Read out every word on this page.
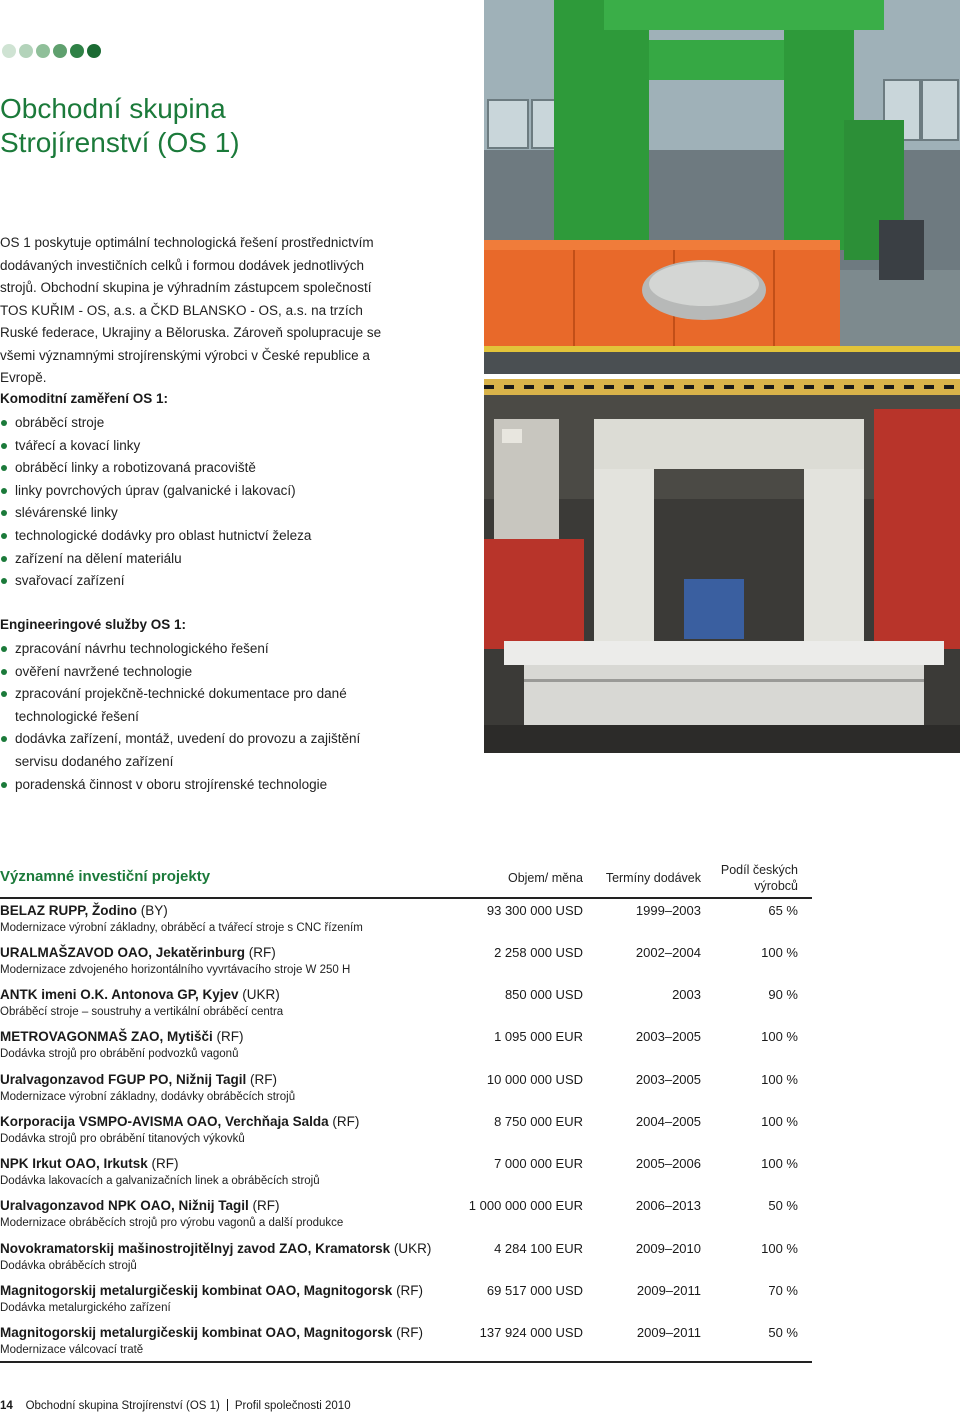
Obchodní skupina
Strojírenství (OS 1)

OS 1 poskytuje optimální technologická řešení prostřednictvím dodávaných investičních celků i formou dodávek jednotlivých strojů. Obchodní skupina je výhradním zástupcem společností TOS KUŘIM - OS, a.s. a ČKD BLANSKO - OS, a.s. na trzích Ruské federace, Ukrajiny a Běloruska. Zároveň spolupracuje se všemi významnými strojírenskými výrobci v České republice a Evropě.

Komoditní zaměření OS 1:
obráběcí stroje
tvářecí a kovací linky
obráběcí linky a robotizovaná pracoviště
linky povrchových úprav (galvanické i lakovací)
slévárenské linky
technologické dodávky pro oblast hutnictví železa
zařízení na dělení materiálu
svařovací zařízení
Engineeringové služby OS 1:
zpracování návrhu technologického řešení
ověření navržené technologie
zpracování projekčně-technické dokumentace pro dané technologické řešení
dodávka zařízení, montáž, uvedení do provozu a zajištění servisu dodaného zařízení
poradenská činnost v oboru strojírenské technologie
Významné investiční projekty	Objem/ měna	Termíny dodávek
Podíl českých
výrobců
BELAZ RUPP, Žodino (BY)
Modernizace výrobní základny, obráběcí a tvářecí stroje s CNC řízením
93 300 000 USD	1999–2003	65 %
URALMAŠZAVOD OAO, Jekatěrinburg (RF)
Modernizace zdvojeného horizontálního vyvrtávacího stroje W 250 H
2 258 000 USD	2002–2004	100 %
ANTK imeni O.K. Antonova GP, Kyjev (UKR)
Obráběcí stroje – soustruhy a vertikální obráběcí centra
850 000 USD	2003	90 %
METROVAGONMAŠ ZAO, Mytišči (RF)
Dodávka strojů pro obrábění podvozků vagonů
1 095 000 EUR	2003–2005	100 %
Uralvagonzavod FGUP PO, Nižnij Tagil (RF)
Modernizace výrobní základny, dodávky obráběcích strojů
10 000 000 USD	2003–2005	100 %
Korporacija VSMPO-AVISMA OAO, Verchňaja Salda (RF)
Dodávka strojů pro obrábění titanových výkovků
8 750 000 EUR	2004–2005	100 %
NPK Irkut OAO, Irkutsk (RF)
Dodávka lakovacích a galvanizačních linek a obráběcích strojů
7 000 000 EUR	2005–2006	100 %
Uralvagonzavod NPK OAO, Nižnij Tagil (RF)
Modernizace obráběcích strojů pro výrobu vagonů a další produkce
1 000 000 000 EUR	2006–2013	50 %
Novokramatorskij mašinostrojitělnyj zavod ZAO, Kramatorsk (UKR)
Dodávka obráběcích strojů
4 284 100 EUR	2009–2010	100 %
Magnitogorskij metalurgičeskij kombinat OAO, Magnitogorsk (RF)
Dodávka metalurgického zařízení
69 517 000 USD	2009–2011	70 %
Magnitogorskij metalurgičeskij kombinat OAO, Magnitogorsk (RF)
Modernizace válcovací tratě
137 924 000 USD	2009–2011	50 %
14 Obchodní skupina Strojírenství (OS 1) Profil společnosti 2010
